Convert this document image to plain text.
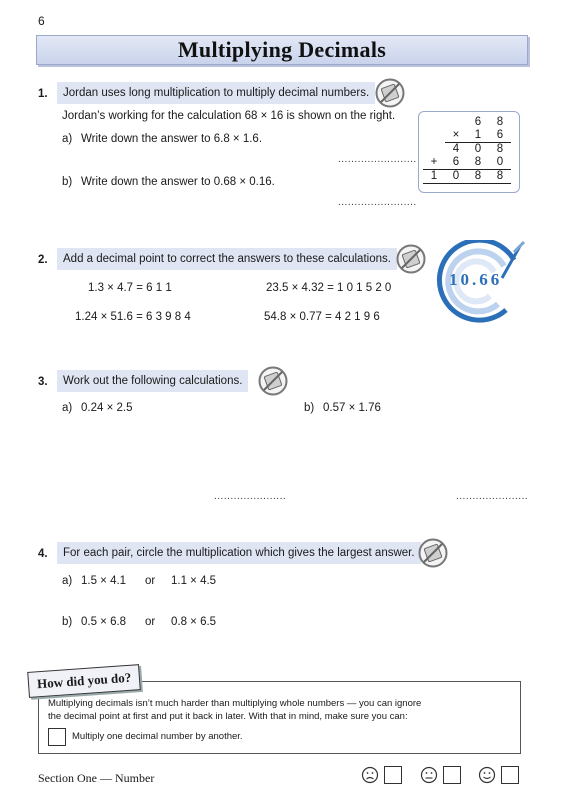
6
Multiplying Decimals
1.	Jordan uses long multiplication to multiply decimal numbers.
Jordan’s working for the calculation 68 × 16 is shown on the right.
a) Write down the answer to 6.8 × 1.6.
........................
b) Write down the answer to 0.68 × 0.16.
........................
		6	8
	×	1	6
	4	0	8
+	6	8	0
1	0	8	8
2.	Add a decimal point to correct the answers to these calculations.
1.3 × 4.7 = 6 1 1	23.5 × 4.32 = 1 0 1 5 2 0
1.24 × 51.6 = 6 3 9 8 4	54.8 × 0.77 = 4 2 1 9 6
10.66
3.	Work out the following calculations.
a) 0.24 × 2.5	b) 0.57 × 1.76
......................	......................
4.	For each pair, circle the multiplication which gives the largest answer.
a) 1.5 × 4.1 or 1.1 × 4.5
b) 0.5 × 6.8 or 0.8 × 6.5
How did you do?
Multiplying decimals isn’t much harder than multiplying whole numbers — you can ignore
the decimal point at first and put it back in later. With that in mind, make sure you can:
Multiply one decimal number by another.
Section One — Number
